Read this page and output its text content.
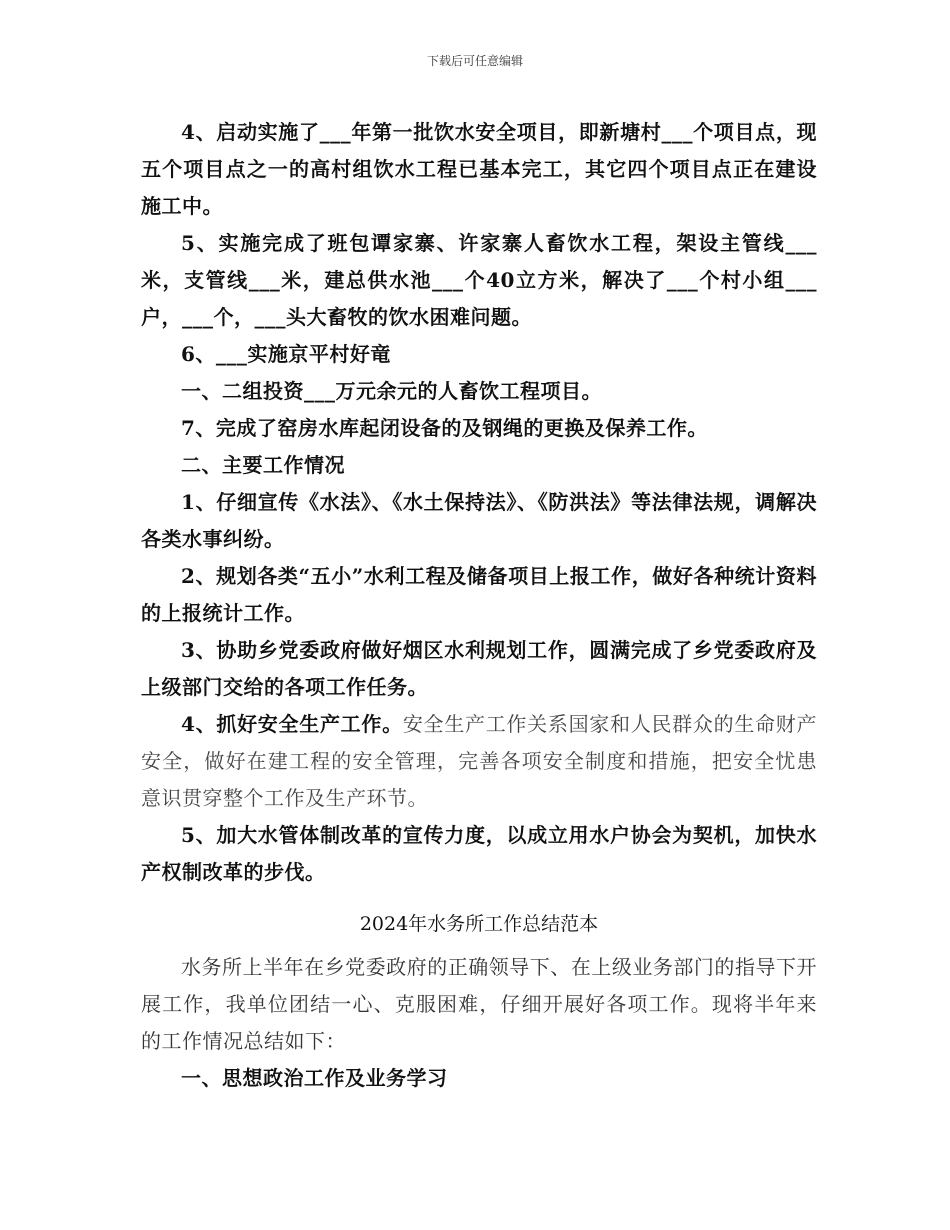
下载后可任意编辑

4、启动实施了___年第一批饮水安全项目，即新塘村___个项目点，现五个项目点之一的高村组饮水工程已基本完工，其它四个项目点正在建设施工中。

5、实施完成了班包谭家寨、许家寨人畜饮水工程，架设主管线___米，支管线___米，建总供水池___个40立方米，解决了___个村小组___户，___个，___头大畜牧的饮水困难问题。

6、___实施京平村好竜

一、二组投资___万元余元的人畜饮工程项目。

7、完成了窑房水库起闭设备的及钢绳的更换及保养工作。

二、主要工作情况

1、仔细宣传《水法》、《水土保持法》、《防洪法》等法律法规，调解决各类水事纠纷。

2、规划各类“五小”水利工程及储备项目上报工作，做好各种统计资料的上报统计工作。

3、协助乡党委政府做好烟区水利规划工作，圆满完成了乡党委政府及上级部门交给的各项工作任务。

4、抓好安全生产工作。安全生产工作关系国家和人民群众的生命财产安全，做好在建工程的安全管理，完善各项安全制度和措施，把安全忧患意识贯穿整个工作及生产环节。

5、加大水管体制改革的宣传力度，以成立用水户协会为契机，加快水产权制改革的步伐。

2024年水务所工作总结范本

水务所上半年在乡党委政府的正确领导下、在上级业务部门的指导下开展工作，我单位团结一心、克服困难，仔细开展好各项工作。现将半年来的工作情况总结如下：

一、思想政治工作及业务学习
